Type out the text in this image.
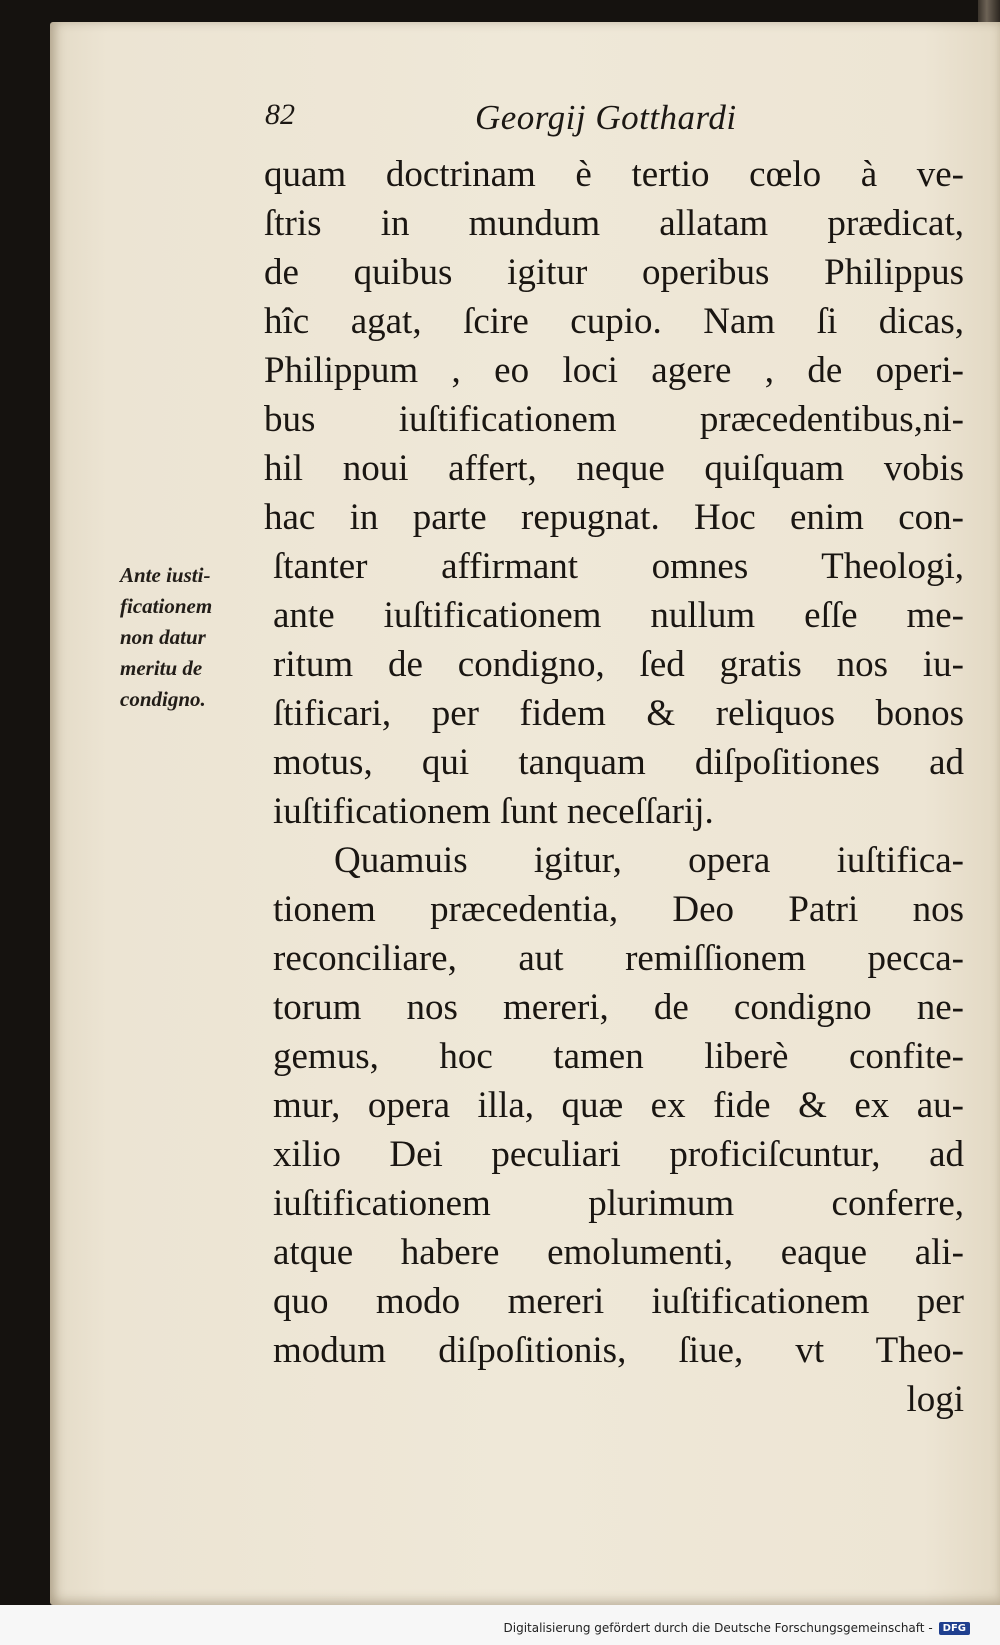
82	Georgij Gotthardi
Ante iusti-
ficationem
non datur
meritu de
condigno.
quam doctrinam è tertio cœlo à ve-
ſtris in mundum allatam prædicat,
de quibus igitur operibus Philippus
hîc agat, ſcire cupio. Nam ſi dicas,
Philippum , eo loci agere , de operi-
bus iuſtificationem præcedentibus,ni-
hil noui affert, neque quiſquam vobis
hac in parte repugnat. Hoc enim con-
ſtanter affirmant omnes Theologi,
ante iuſtificationem nullum eſſe me-
ritum de condigno, ſed gratis nos iu-
ſtificari, per fidem & reliquos bonos
motus, qui tanquam diſpoſitiones ad
iuſtificationem ſunt neceſſarij.
Quamuis igitur, opera iuſtifica-
tionem præcedentia, Deo Patri nos
reconciliare, aut remiſſionem pecca-
torum nos mereri, de condigno ne-
gemus, hoc tamen liberè confite-
mur, opera illa, quæ ex fide & ex au-
xilio Dei peculiari proficiſcuntur, ad
iuſtificationem plurimum conferre,
atque habere emolumenti, eaque ali-
quo modo mereri iuſtificationem per
modum diſpoſitionis, ſiue, vt Theo-
logi
Digitalisierung gefördert durch die Deutsche Forschungsgemeinschaft -	DFG
